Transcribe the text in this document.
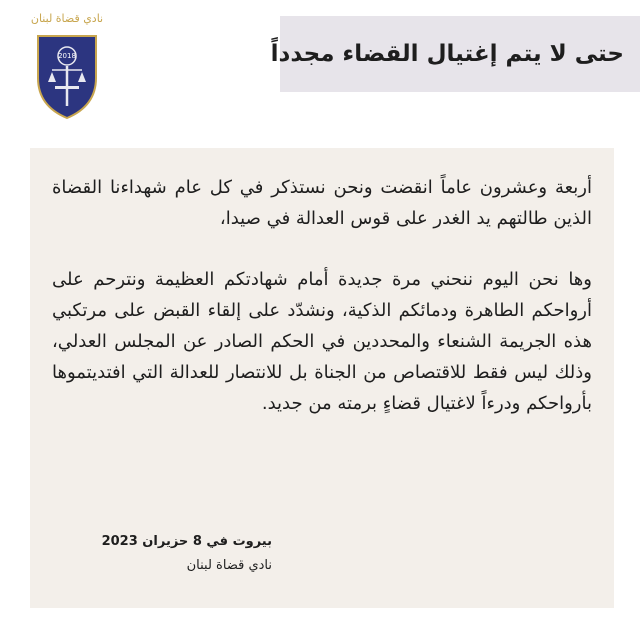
نادي قضاة لبنان
2018	حتى لا يتم إغتيال القضاء مجدداً

أربعة وعشرون عاماً انقضت ونحن نستذكر في كل عام شهداءنا القضاة الذين طالتهم يد الغدر على قوس العدالة في صيدا،

وها نحن اليوم ننحني مرة جديدة أمام شهادتكم العظيمة ونترحم على أرواحكم الطاهرة ودمائكم الذكية، ونشدّد على إلقاء القبض على مرتكبي هذه الجريمة الشنعاء والمحددين في الحكم الصادر عن المجلس العدلي، وذلك ليس فقط للاقتصاص من الجناة بل للانتصار للعدالة التي افتديتموها بأرواحكم ودرءاً لاغتيال قضاءٍ برمته من جديد.

بيروت في 8 حزيران 2023
نادي قضاة لبنان
